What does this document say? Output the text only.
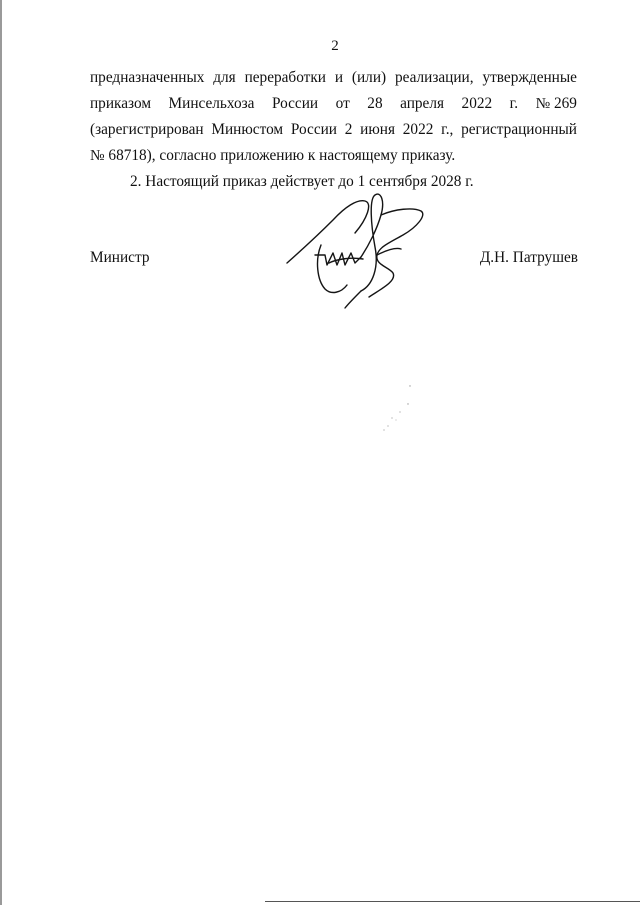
2
предназначенных для переработки и (или) реализации, утвержденные
приказом Минсельхоза России от 28 апреля 2022 г. № 269
(зарегистрирован Минюстом России 2 июня 2022 г., регистрационный
№ 68718), согласно приложению к настоящему приказу.
2. Настоящий приказ действует до 1 сентября 2028 г.
Министр	Д.Н. Патрушев
